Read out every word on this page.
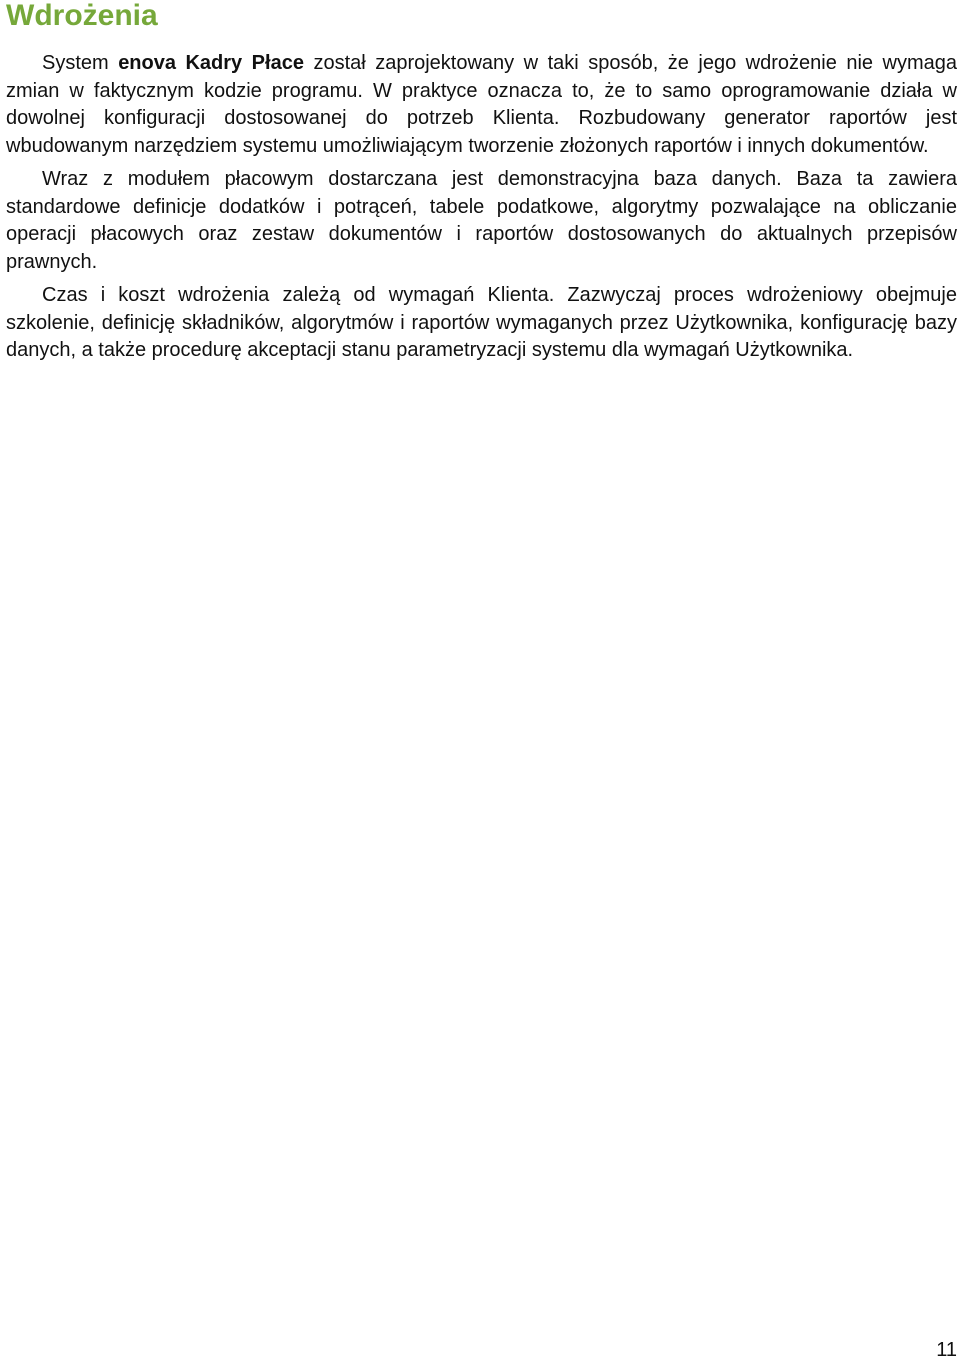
Wdrożenia

System enova Kadry Płace został zaprojektowany w taki sposób, że jego wdrożenie nie wymaga zmian w faktycznym kodzie programu. W praktyce oznacza to, że to samo oprogramowanie działa w dowolnej konfiguracji dostosowanej do potrzeb Klienta. Rozbudowany generator raportów jest wbudowanym narzędziem systemu umożliwiającym tworzenie złożonych raportów i innych dokumentów.

Wraz z modułem płacowym dostarczana jest demonstracyjna baza danych. Baza ta zawiera standardowe definicje dodatków i potrąceń, tabele podatkowe, algorytmy pozwalające na obliczanie operacji płacowych oraz zestaw dokumentów i raportów dostosowanych do aktualnych przepisów prawnych.

Czas i koszt wdrożenia zależą od wymagań Klienta. Zazwyczaj proces wdrożeniowy obejmuje szkolenie, definicję składników, algorytmów i raportów wymaganych przez Użytkownika, konfigurację bazy danych, a także procedurę akceptacji stanu parametryzacji systemu dla wymagań Użytkownika.

11
